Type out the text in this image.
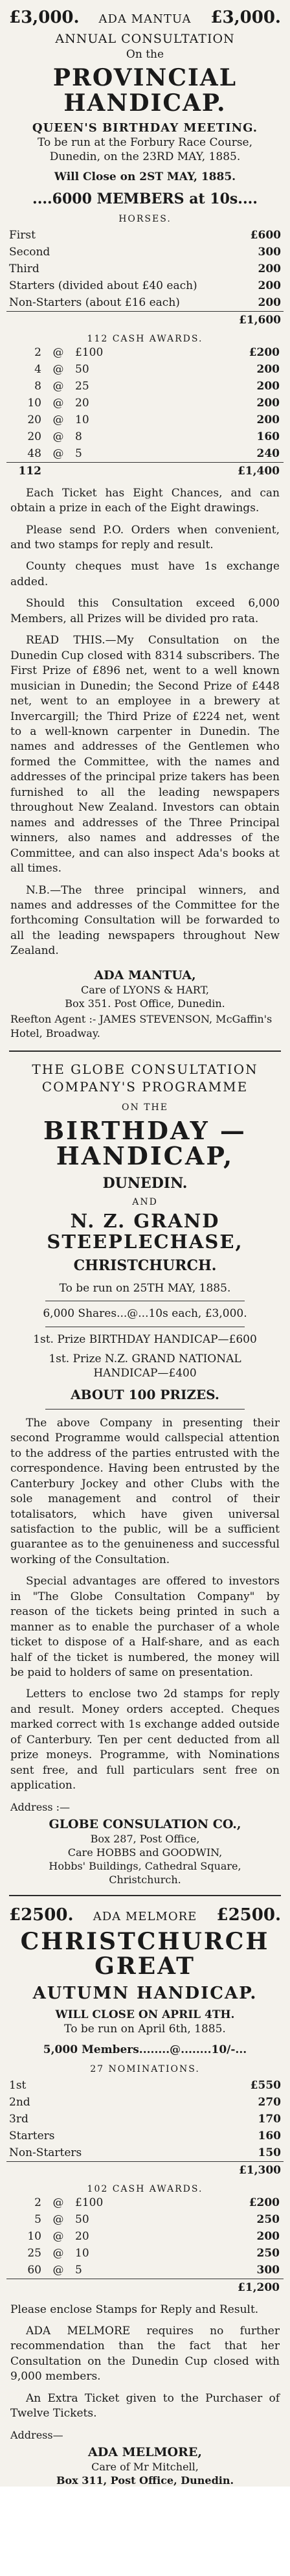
£3,000. ADA MANTUA £3,000.
ANNUAL CONSULTATION
On the
PROVINCIAL HANDICAP.
QUEEN'S BIRTHDAY MEETING.
To be run at the Forbury Race Course,
Dunedin, on the 23RD MAY, 1885.
Will Close on 2ST MAY, 1885.
....6000 MEMBERS at 10s....
HORSES.
First	£600
Second	300
Third	200
Starters (divided about £40 each)	200
Non-Starters (about £16 each)	200
	£1,600
112 CASH AWARDS.
2	@	£100	£200
4	@	50	200
8	@	25	200
10	@	20	200
20	@	10	200
20	@	8	160
48	@	5	240
112			£1,400

Each Ticket has Eight Chances, and can obtain a prize in each of the Eight drawings.

Please send P.O. Orders when convenient, and two stamps for reply and result.

County cheques must have 1s exchange added.

Should this Consultation exceed 6,000 Members, all Prizes will be divided pro rata.

READ THIS.—My Consultation on the Dunedin Cup closed with 8314 subscribers. The First Prize of £896 net, went to a well known musician in Dunedin; the Second Prize of £448 net, went to an employee in a brewery at Invercargill; the Third Prize of £224 net, went to a well-known carpenter in Dunedin. The names and addresses of the Gentlemen who formed the Committee, with the names and addresses of the principal prize takers has been furnished to all the leading newspapers throughout New Zealand. Investors can obtain names and addresses of the Three Principal winners, also names and addresses of the Committee, and can also inspect Ada's books at all times.

N.B.—The three principal winners, and names and addresses of the Committee for the forthcoming Consultation will be forwarded to all the leading newspapers throughout New Zealand.

ADA MANTUA,
Care of LYONS & HART,
Box 351. Post Office, Dunedin.
Reefton Agent :- JAMES STEVENSON, McGaffin's Hotel, Broadway.
THE GLOBE CONSULTATION
COMPANY'S PROGRAMME
ON THE
BIRTHDAY — HANDICAP,
DUNEDIN.
AND
N. Z. GRAND STEEPLECHASE,
CHRISTCHURCH.
To be run on 25TH MAY, 1885.
6,000 Shares...@...10s each, £3,000.
1st. Prize BIRTHDAY HANDICAP—£600
1st. Prize N.Z. GRAND NATIONAL
HANDICAP—£400
ABOUT 100 PRIZES.

The above Company in presenting their second Programme would callspecial attention to the address of the parties entrusted with the correspondence. Having been entrusted by the Canterbury Jockey and other Clubs with the sole management and control of their totalisators, which have given universal satisfaction to the public, will be a sufficient guarantee as to the genuineness and successful working of the Consultation.

Special advantages are offered to investors in "The Globe Consultation Company" by reason of the tickets being printed in such a manner as to enable the purchaser of a whole ticket to dispose of a Half-share, and as each half of the ticket is numbered, the money will be paid to holders of same on presentation.

Letters to enclose two 2d stamps for reply and result. Money orders accepted. Cheques marked correct with 1s exchange added outside of Canterbury. Ten per cent deducted from all prize moneys. Programme, with Nominations sent free, and full particulars sent free on application.

Address :—
GLOBE CONSULATION CO.,
Box 287, Post Office,
Care HOBBS and GOODWIN,
Hobbs' Buildings, Cathedral Square,
Christchurch.
£2500. ADA MELMORE £2500.
CHRISTCHURCH GREAT
AUTUMN HANDICAP.
WILL CLOSE ON APRIL 4TH.
To be run on April 6th, 1885.
5,000 Members........@........10/-...
27 NOMINATIONS.
1st	£550
2nd	270
3rd	170
Starters	160
Non-Starters	150
	£1,300
102 CASH AWARDS.
2	@	£100	£200
5	@	50	250
10	@	20	200
25	@	10	250
60	@	5	300
			£1,200

Please enclose Stamps for Reply and Result.

ADA MELMORE requires no further recommendation than the fact that her Consultation on the Dunedin Cup closed with 9,000 members.

An Extra Ticket given to the Purchaser of Twelve Tickets.

Address—
ADA MELMORE,
Care of Mr Mitchell,
Box 311, Post Office, Dunedin.
